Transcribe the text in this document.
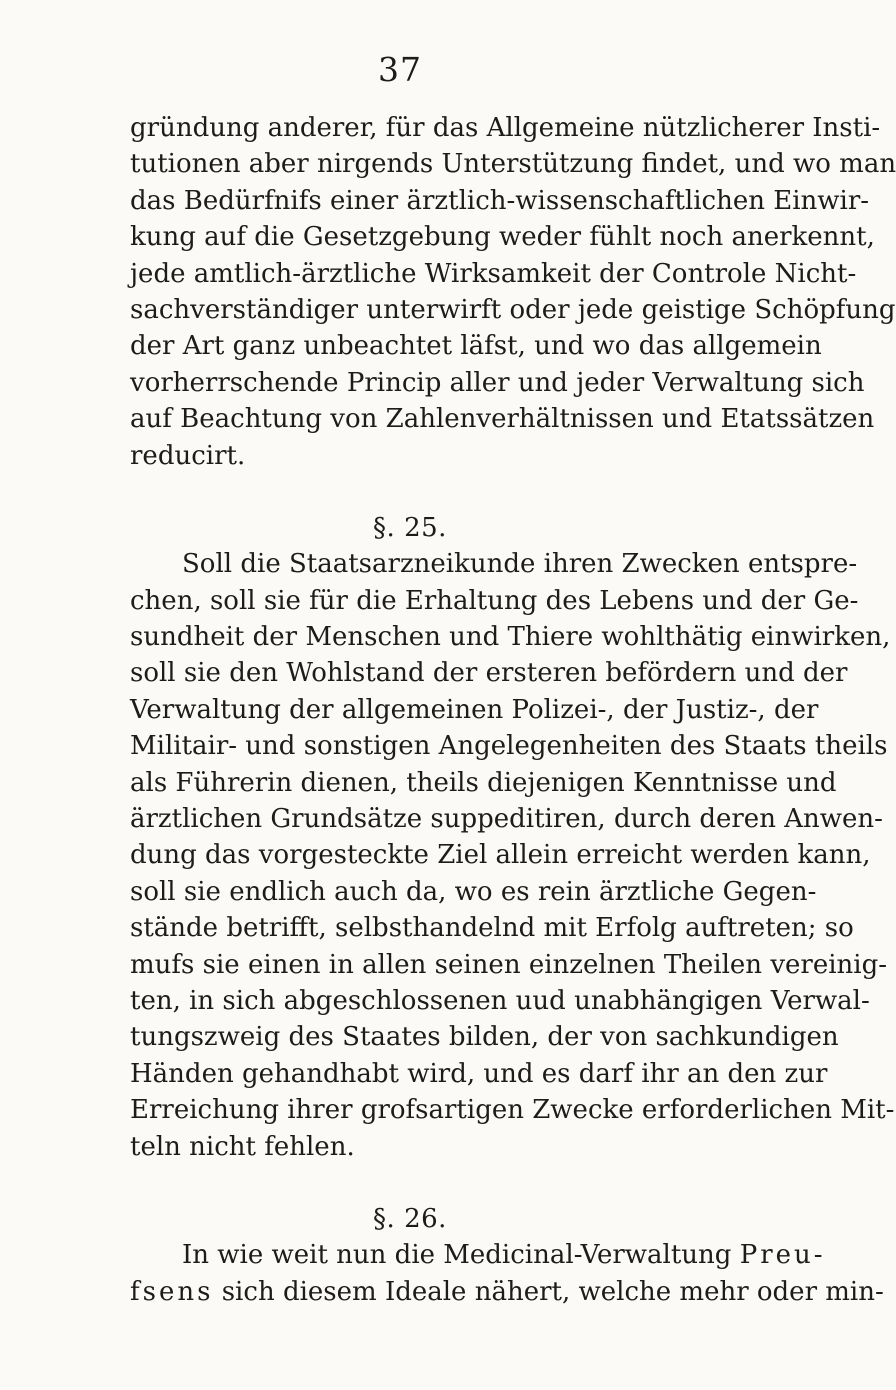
37
gründung anderer, für das Allgemeine nützlicherer Insti-
tutionen aber nirgends Unterstützung findet, und wo man
das Bedürfnifs einer ärztlich-wissenschaftlichen Einwir-
kung auf die Gesetzgebung weder fühlt noch anerkennt,
jede amtlich-ärztliche Wirksamkeit der Controle Nicht-
sachverständiger unterwirft oder jede geistige Schöpfung
der Art ganz unbeachtet läfst, und wo das allgemein
vorherrschende Princip aller und jeder Verwaltung sich
auf Beachtung von Zahlenverhältnissen und Etatssätzen
reducirt.
§. 25.
Soll die Staatsarzneikunde ihren Zwecken entspre-
chen, soll sie für die Erhaltung des Lebens und der Ge-
sundheit der Menschen und Thiere wohlthätig einwirken,
soll sie den Wohlstand der ersteren befördern und der
Verwaltung der allgemeinen Polizei-, der Justiz-, der
Militair- und sonstigen Angelegenheiten des Staats theils
als Führerin dienen, theils diejenigen Kenntnisse und
ärztlichen Grundsätze suppeditiren, durch deren Anwen-
dung das vorgesteckte Ziel allein erreicht werden kann,
soll sie endlich auch da, wo es rein ärztliche Gegen-
stände betrifft, selbsthandelnd mit Erfolg auftreten; so
mufs sie einen in allen seinen einzelnen Theilen vereinig-
ten, in sich abgeschlossenen uud unabhängigen Verwal-
tungszweig des Staates bilden, der von sachkundigen
Händen gehandhabt wird, und es darf ihr an den zur
Erreichung ihrer grofsartigen Zwecke erforderlichen Mit-
teln nicht fehlen.
§. 26.
In wie weit nun die Medicinal-Verwaltung Preu-
fsens sich diesem Ideale nähert, welche mehr oder min-
